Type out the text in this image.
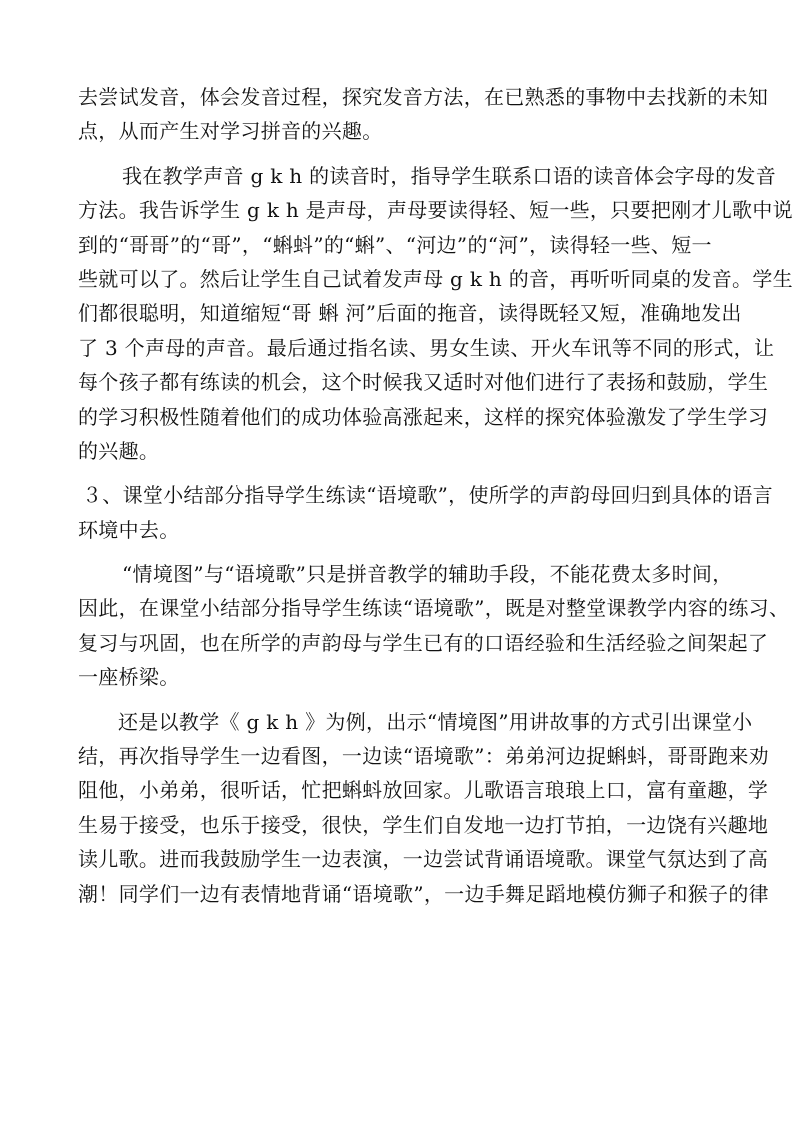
去尝试发音，体会发音过程，探究发音方法，在已熟悉的事物中去找新的未知
点，从而产生对学习拼音的兴趣。
我在教学声音 g k h 的读音时，指导学生联系口语的读音体会字母的发音
方法。我告诉学生 g k h 是声母，声母要读得轻、短一些，只要把刚才儿歌中说
到的“哥哥”的“哥”，“蝌蚪”的“蝌”、“河边”的“河”，读得轻一些、短一
些就可以了。然后让学生自己试着发声母 g k h 的音，再听听同桌的发音。学生
们都很聪明，知道缩短“哥 蝌 河”后面的拖音，读得既轻又短，准确地发出
了 3 个声母的声音。最后通过指名读、男女生读、开火车讯等不同的形式，让
每个孩子都有练读的机会，这个时候我又适时对他们进行了表扬和鼓励，学生
的学习积极性随着他们的成功体验高涨起来，这样的探究体验激发了学生学习
的兴趣。
３、课堂小结部分指导学生练读“语境歌”，使所学的声韵母回归到具体的语言
环境中去。
“情境图”与“语境歌”只是拼音教学的辅助手段，不能花费太多时间，
因此，在课堂小结部分指导学生练读“语境歌”，既是对整堂课教学内容的练习、
复习与巩固，也在所学的声韵母与学生已有的口语经验和生活经验之间架起了
一座桥梁。
还是以教学《 g k h 》为例，出示“情境图”用讲故事的方式引出课堂小
结，再次指导学生一边看图，一边读“语境歌”：弟弟河边捉蝌蚪，哥哥跑来劝
阻他，小弟弟，很听话，忙把蝌蚪放回家。儿歌语言琅琅上口，富有童趣，学
生易于接受，也乐于接受，很快，学生们自发地一边打节拍，一边饶有兴趣地
读儿歌。进而我鼓励学生一边表演，一边尝试背诵语境歌。课堂气氛达到了高
潮！同学们一边有表情地背诵“语境歌”，一边手舞足蹈地模仿狮子和猴子的律
